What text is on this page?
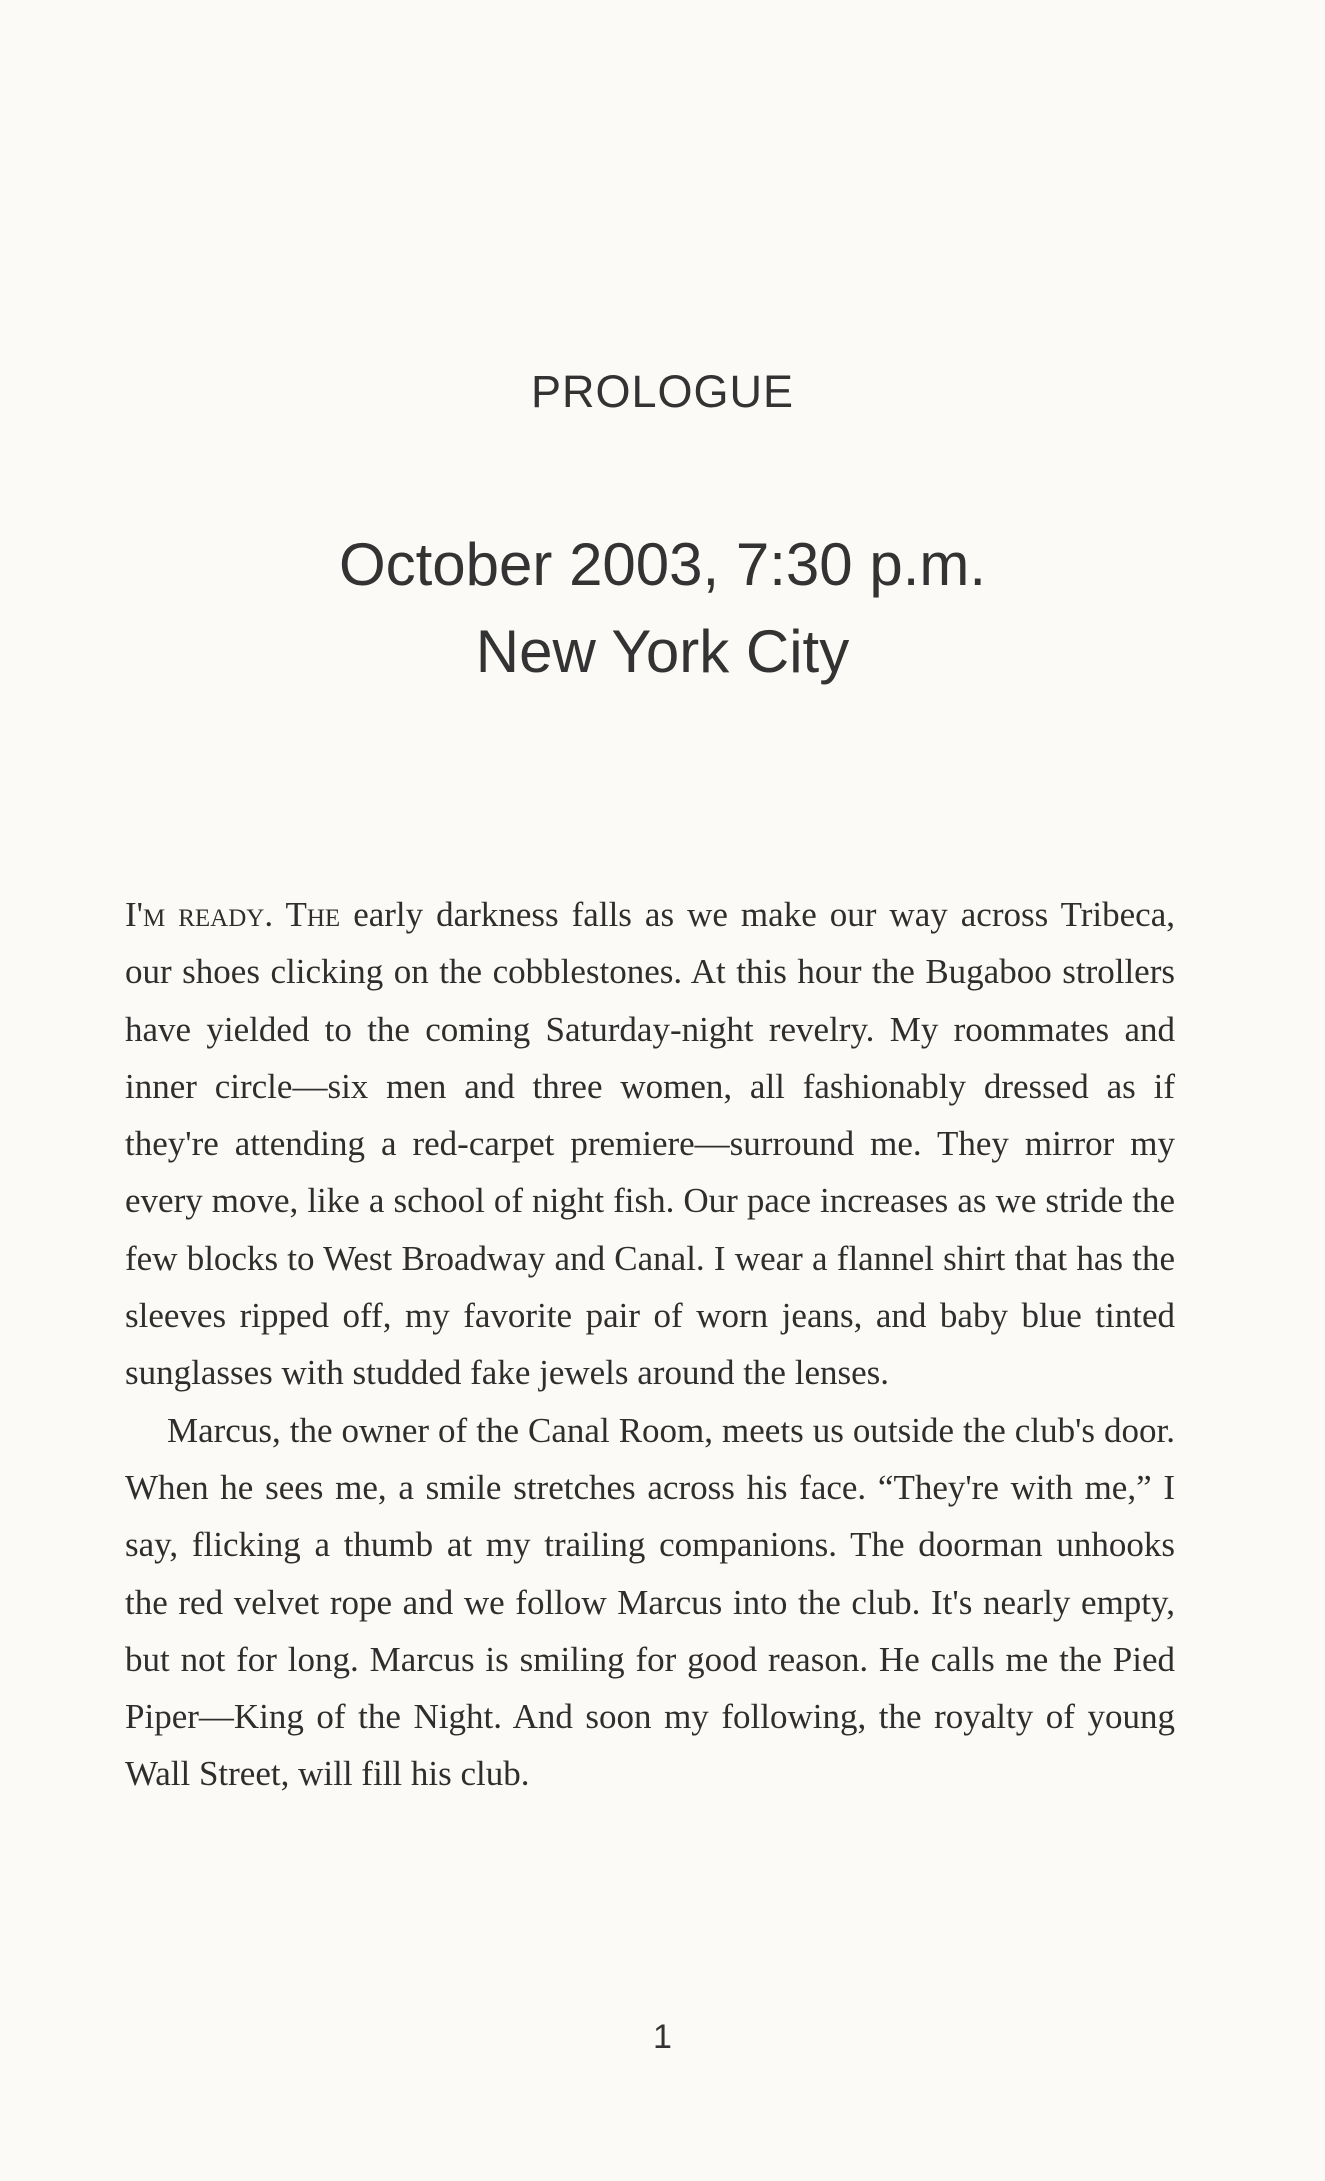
PROLOGUE
October 2003, 7:30 p.m.
New York City

I'm ready. The early darkness falls as we make our way across Tribeca, our shoes clicking on the cobblestones. At this hour the Bugaboo strollers have yielded to the coming Saturday-night revelry. My roommates and inner circle—six men and three women, all fashionably dressed as if they're attending a red-carpet premiere—surround me. They mirror my every move, like a school of night fish. Our pace increases as we stride the few blocks to West Broadway and Canal. I wear a flannel shirt that has the sleeves ripped off, my favorite pair of worn jeans, and baby blue tinted sunglasses with studded fake jewels around the lenses.

Marcus, the owner of the Canal Room, meets us outside the club's door. When he sees me, a smile stretches across his face. “They're with me,” I say, flicking a thumb at my trailing companions. The doorman unhooks the red velvet rope and we follow Marcus into the club. It's nearly empty, but not for long. Marcus is smiling for good reason. He calls me the Pied Piper—King of the Night. And soon my following, the royalty of young Wall Street, will fill his club.

1
